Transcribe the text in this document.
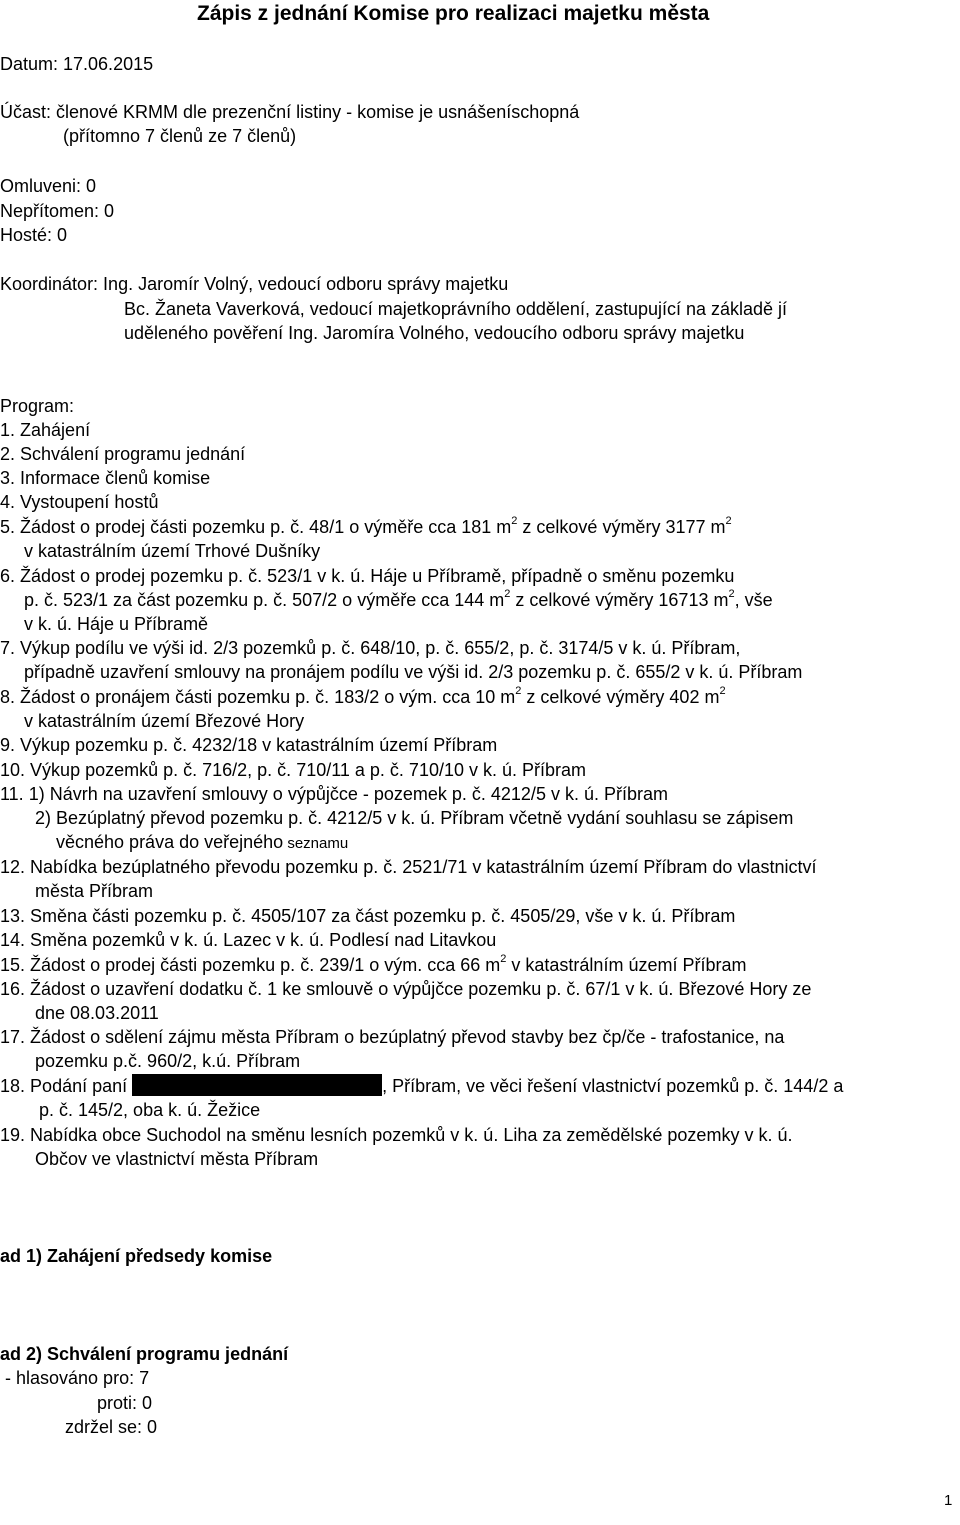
Zápis z jednání Komise pro realizaci majetku města
Datum: 17.06.2015
Účast: členové KRMM dle prezenční listiny - komise je usnášeníschopná
(přítomno 7 členů ze 7 členů)
Omluveni: 0
Nepřítomen: 0
Hosté: 0
Koordinátor: Ing. Jaromír Volný, vedoucí odboru správy majetku
Bc. Žaneta Vaverková, vedoucí majetkoprávního oddělení, zastupující na základě jí
uděleného pověření Ing. Jaromíra Volného, vedoucího odboru správy majetku
Program:
1. Zahájení
2. Schválení programu jednání
3. Informace členů komise
4. Vystoupení hostů
5. Žádost o prodej části pozemku p. č. 48/1 o výměře cca 181 $m^2$ z celkové výměry 3177 $m^2$
v katastrálním území Trhové Dušníky
6. Žádost o prodej pozemku p. č. 523/1 v k. ú. Háje u Příbramě, případně o směnu pozemku
p. č. 523/1 za část pozemku p. č. 507/2 o výměře cca 144 $m^2$ z celkové výměry 16713 $m^2$, vše
v k. ú. Háje u Příbramě
7. Výkup podílu ve výši id. 2/3 pozemků p. č. 648/10, p. č. 655/2, p. č. 3174/5 v k. ú. Příbram,
případně uzavření smlouvy na pronájem podílu ve výši id. 2/3 pozemku p. č. 655/2 v k. ú. Příbram
8. Žádost o pronájem části pozemku p. č. 183/2 o vým. cca 10 $m^2$ z celkové výměry 402 $m^2$
v katastrálním území Březové Hory
9. Výkup pozemku p. č. 4232/18 v katastrálním území Příbram
10. Výkup pozemků p. č. 716/2, p. č. 710/11 a p. č. 710/10 v k. ú. Příbram
11. 1) Návrh na uzavření smlouvy o výpůjčce - pozemek p. č. 4212/5 v k. ú. Příbram
2) Bezúplatný převod pozemku p. č. 4212/5 v k. ú. Příbram včetně vydání souhlasu se zápisem
věcného práva do veřejného seznamu
12. Nabídka bezúplatného převodu pozemku p. č. 2521/71 v katastrálním území Příbram do vlastnictví
města Příbram
13. Směna části pozemku p. č. 4505/107 za část pozemku p. č. 4505/29, vše v k. ú. Příbram
14. Směna pozemků v k. ú. Lazec v k. ú. Podlesí nad Litavkou
15. Žádost o prodej části pozemku p. č. 239/1 o vým. cca 66 $m^2$ v katastrálním území Příbram
16. Žádost o uzavření dodatku č. 1 ke smlouvě o výpůjčce pozemku p. č. 67/1 v k. ú. Březové Hory ze
dne 08.03.2011
17. Žádost o sdělení zájmu města Příbram o bezúplatný převod stavby bez čp/če - trafostanice, na
pozemku p.č. 960/2, k.ú. Příbram
18. Podání paní	, Příbram, ve věci řešení vlastnictví pozemků p. č. 144/2 a
p. č. 145/2, oba k. ú. Žežice
19. Nabídka obce Suchodol na směnu lesních pozemků v k. ú. Liha za zemědělské pozemky v k. ú.
Občov ve vlastnictví města Příbram
ad 1) Zahájení předsedy komise
ad 2) Schválení programu jednání
- hlasováno pro: 7
proti: 0
zdržel se: 0
1
